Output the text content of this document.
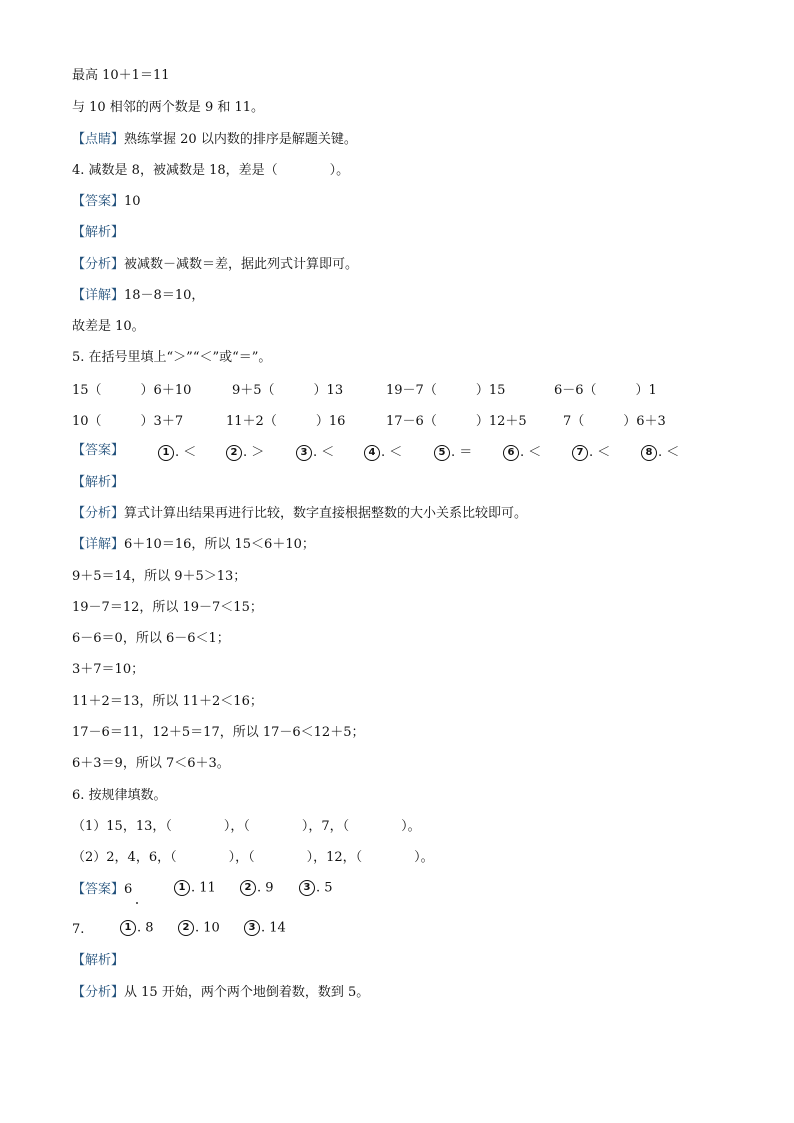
最高 10＋1＝11
与 10 相邻的两个数是 9 和 11。
【点睛】熟练掌握 20 以内数的排序是解题关键。
4. 减数是 8，被减数是 18，差是（　　　　）。
【答案】10
【解析】
【分析】被减数－减数＝差，据此列式计算即可。
【详解】18－8＝10，
故差是 10。
5. 在括号里填上“＞”“＜”或“＝”。
15（　　　）6＋10	9＋5（　　　）13	19－7（　　　）15	6－6（　　　）1
10（　　　）3＋7	11＋2（　　　）16	17－6（　　　）12＋5	7（　　　）6＋3
【答案】	1 . ＜	2 . ＞	3 . ＜	4 . ＜	5 . ＝	6 . ＜	7 . ＜	8 . ＜
【解析】
【分析】算式计算出结果再进行比较，数字直接根据整数的大小关系比较即可。
【详解】6＋10＝16，所以 15＜6＋10；
9＋5＝14，所以 9＋5＞13；
19－7＝12，所以 19－7＜15；
6－6＝0，所以 6－6＜1；
3＋7＝10；
11＋2＝13，所以 11＋2＜16；
17－6＝11，12＋5＝17，所以 17－6＜12＋5；
6＋3＝9，所以 7＜6＋3。
6. 按规律填数。
（1）15，13，（　　　　），（　　　　），7，（　　　　）。
（2）2，4，6，（　　　　），（　　　　），12，（　　　　）。
【答案】6	1 . 11	2 . 9	3 . 5
7.	1 . 8	2 . 10	3 . 14
【解析】
【分析】从 15 开始，两个两个地倒着数，数到 5。
